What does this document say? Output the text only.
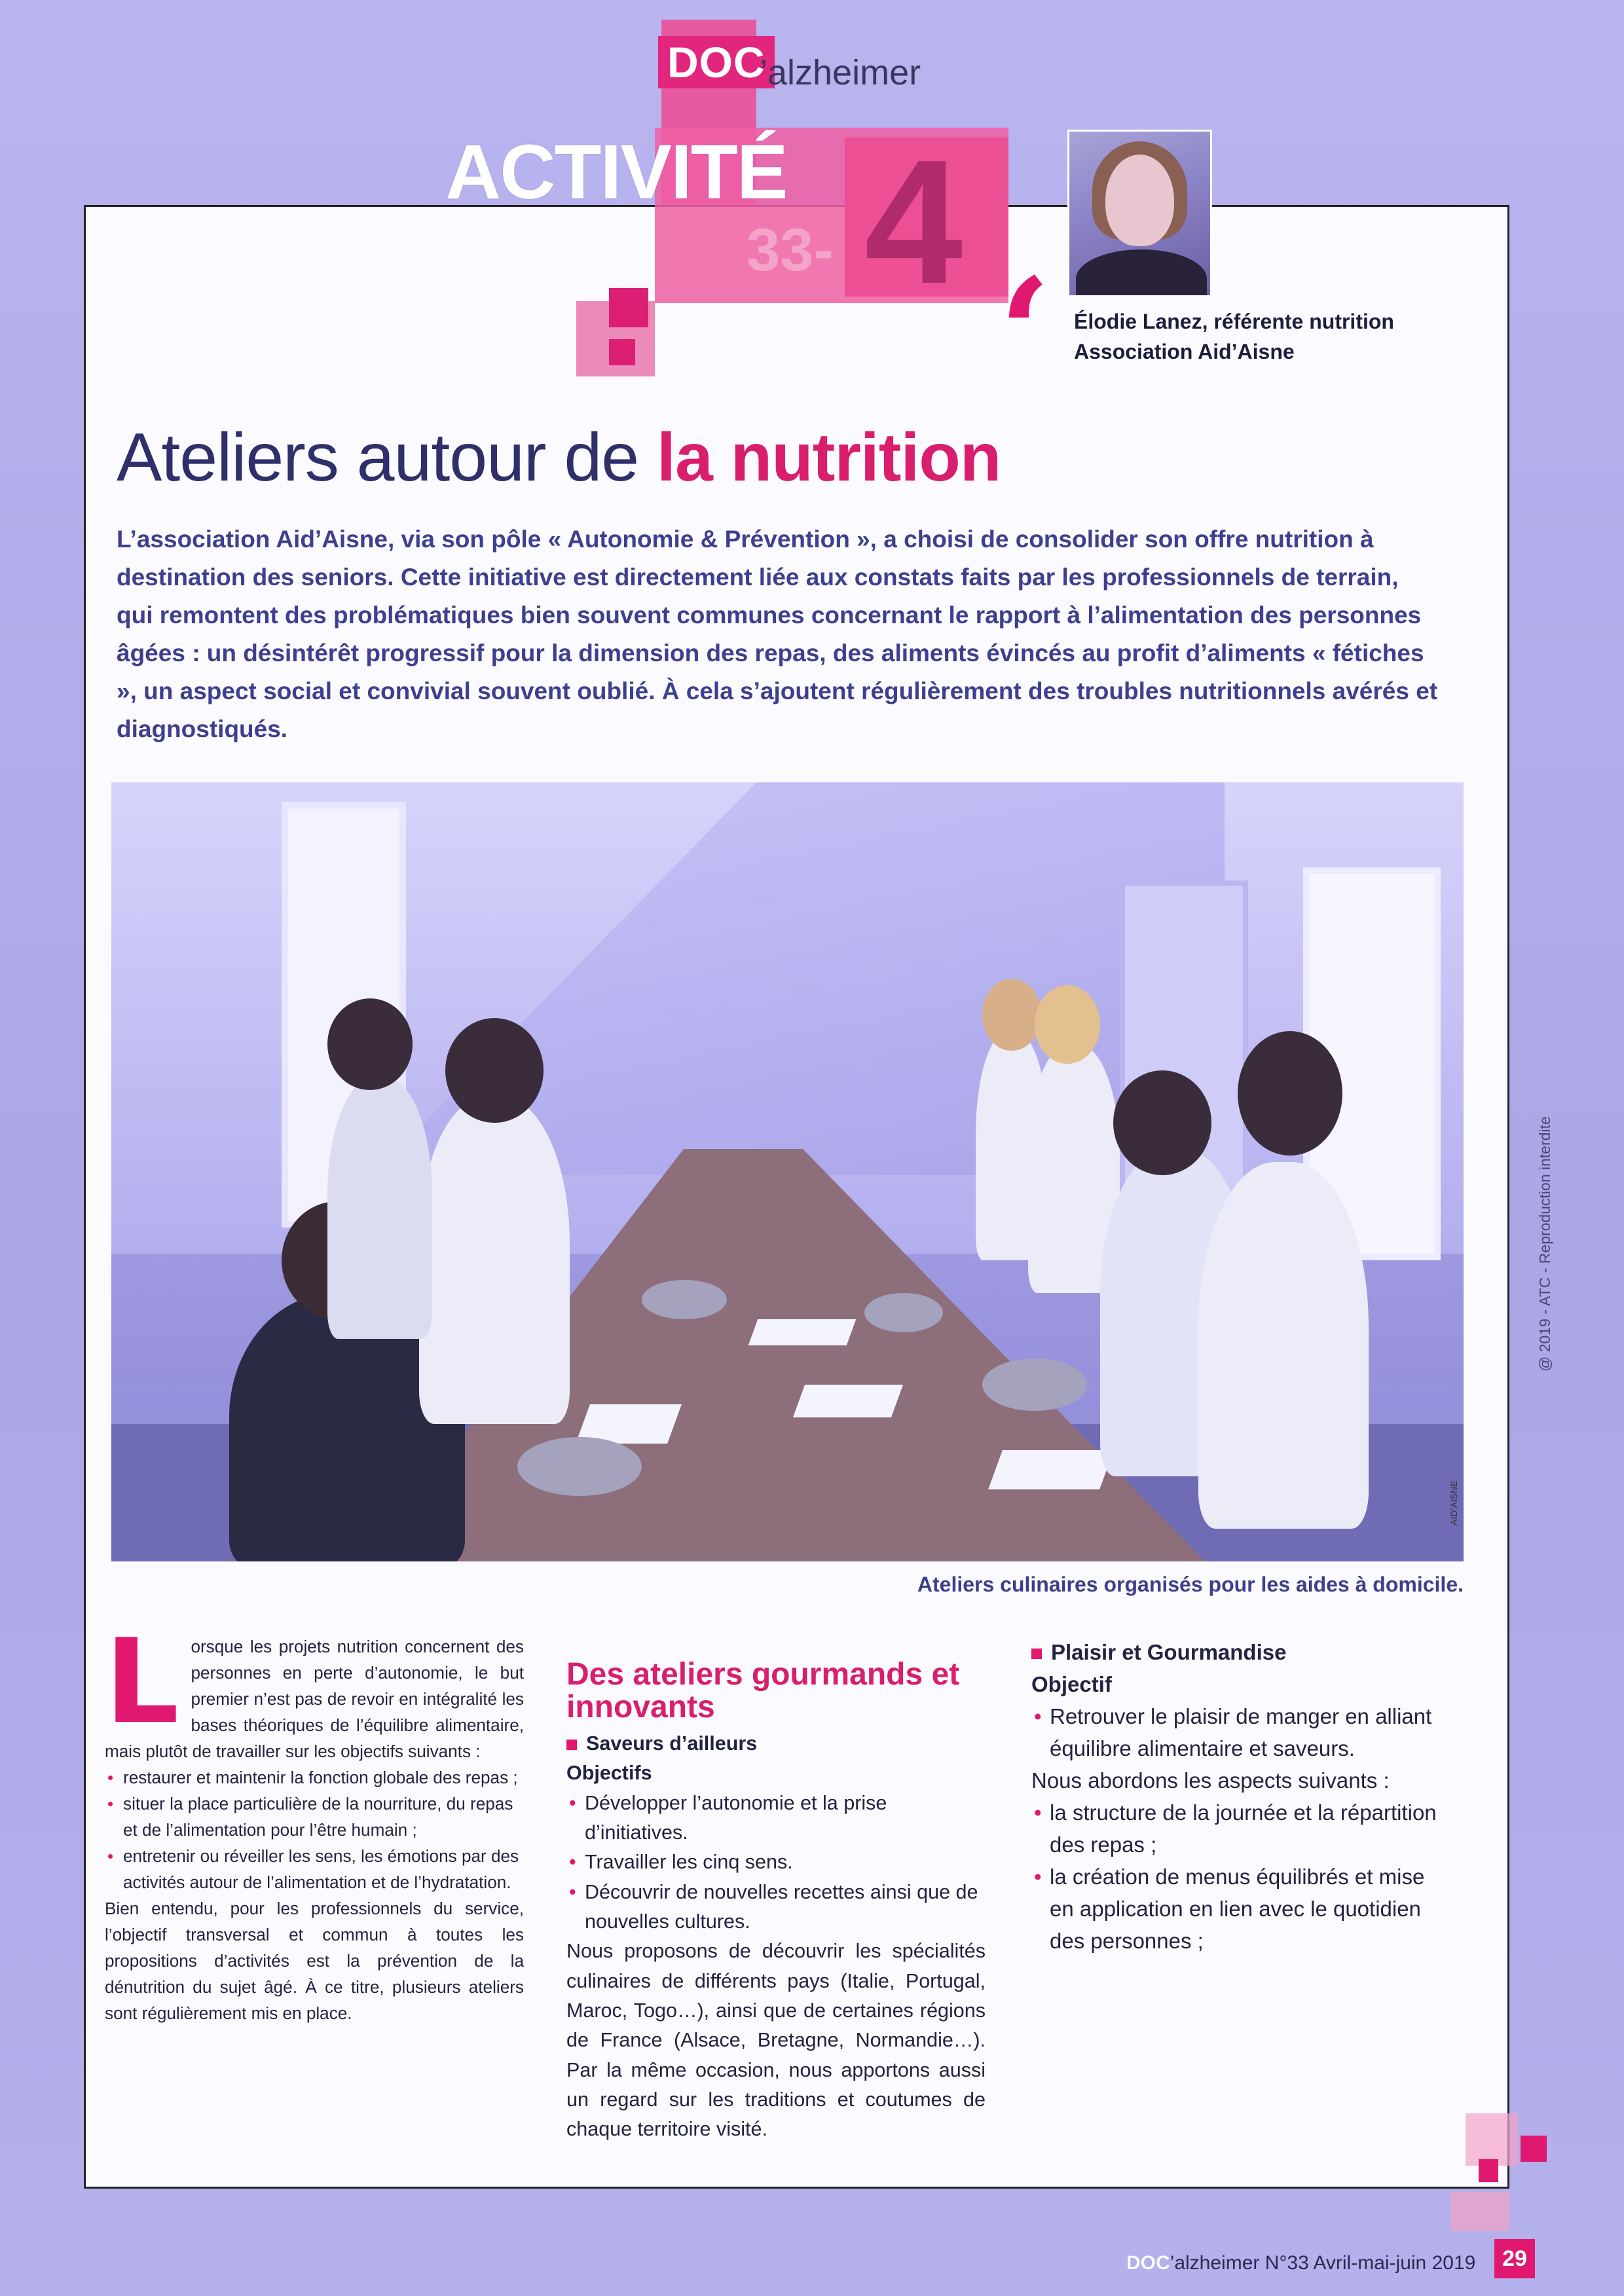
DOC
’alzheimer
ACTIVITÉ
33- 4
‘ Élodie Lanez, référente nutrition
Association Aid’Aisne
Ateliers autour de la nutrition
L’association Aid’Aisne, via son pôle « Autonomie & Prévention », a choisi de consolider son offre nutrition à destination des seniors. Cette initiative est directement liée aux constats faits par les professionnels de terrain, qui remontent des problématiques bien souvent communes concernant le rapport à l’alimentation des personnes âgées : un désintérêt progressif pour la dimension des repas, des aliments évincés au profit d’aliments « fétiches », un aspect social et convivial souvent oublié. À cela s’ajoutent régulièrement des troubles nutritionnels avérés et diagnostiqués.
AID’AISNE
Ateliers culinaires organisés pour les aides à domicile.

Lorsque les projets nutrition concernent des personnes en perte d’autonomie, le but premier n’est pas de revoir en intégralité les bases théoriques de l’équilibre alimentaire, mais plutôt de travailler sur les objectifs suivants :

• restaurer et maintenir la fonction globale des repas ;
• situer la place particulière de la nourriture, du repas et de l’alimentation pour l’être humain ;
• entretenir ou réveiller les sens, les émotions par des activités autour de l’alimentation et de l’hydratation.

Bien entendu, pour les professionnels du service, l’objectif transversal et commun à toutes les propositions d’activités est la prévention de la dénutrition du sujet âgé. À ce titre, plusieurs ateliers sont régulièrement mis en place.

Des ateliers gourmands et innovants
Saveurs d’ailleurs
Objectifs
• Développer l’autonomie et la prise d’initiatives.
• Travailler les cinq sens.
• Découvrir de nouvelles recettes ainsi que de nouvelles cultures.

Nous proposons de découvrir les spécialités culinaires de différents pays (Italie, Portugal, Maroc, Togo…), ainsi que de certaines régions de France (Alsace, Bretagne, Normandie…). Par la même occasion, nous apportons aussi un regard sur les traditions et coutumes de chaque territoire visité.

Plaisir et Gourmandise
Objectif
• Retrouver le plaisir de manger en alliant équilibre alimentaire et saveurs.

Nous abordons les aspects suivants :

• la structure de la journée et la répartition des repas ;
• la création de menus équilibrés et mise en application en lien avec le quotidien des personnes ;
@ 2019 - ATC - Reproduction interdite
DOC’alzheimer N°33 Avril-mai-juin 2019	29
